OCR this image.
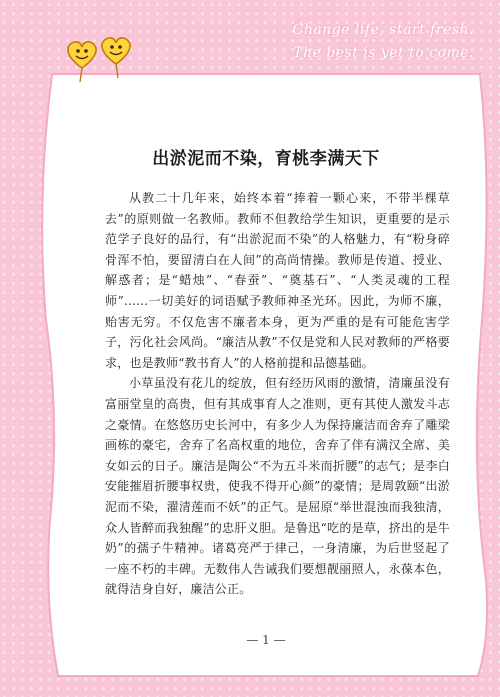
Change life, start fresh.
The best is yet to come.
出淤泥而不染，育桃李满天下

从教二十几年来，始终本着“捧着一颗心来，不带半棵草去”的原则做一名教师。教师不但教给学生知识，更重要的是示范学子良好的品行，有“出淤泥而不染”的人格魅力，有“粉身碎骨浑不怕，要留清白在人间”的高尚情操。教师是传道、授业、解惑者；是“蜡烛”、“春蚕”、“奠基石”、“人类灵魂的工程师”……一切美好的词语赋予教师神圣光环。因此，为师不廉，贻害无穷。不仅危害不廉者本身，更为严重的是有可能危害学子，污化社会风尚。“廉洁从教”不仅是党和人民对教师的严格要求，也是教师“教书育人”的人格前提和品德基础。

小草虽没有花儿的绽放，但有经历风雨的激情，清廉虽没有富丽堂皇的高贵，但有其成事育人之准则，更有其使人激发斗志之豪情。在悠悠历史长河中，有多少人为保持廉洁而舍弃了雕梁画栋的豪宅，舍弃了名高权重的地位，舍弃了伴有满汉全席、美女如云的日子。廉洁是陶公“不为五斗米而折腰”的志气；是李白安能摧眉折腰事权贵，使我不得开心颜”的豪情；是周敦颐“出淤泥而不染，濯清莲而不妖”的正气。是屈原“举世混浊而我独清，众人皆醉而我独醒”的忠肝义胆。是鲁迅“吃的是草，挤出的是牛奶”的孺子牛精神。诸葛亮严于律己，一身清廉，为后世竖起了一座不朽的丰碑。无数伟人告诫我们要想靓丽照人，永葆本色，就得洁身自好，廉洁公正。

— 1 —
